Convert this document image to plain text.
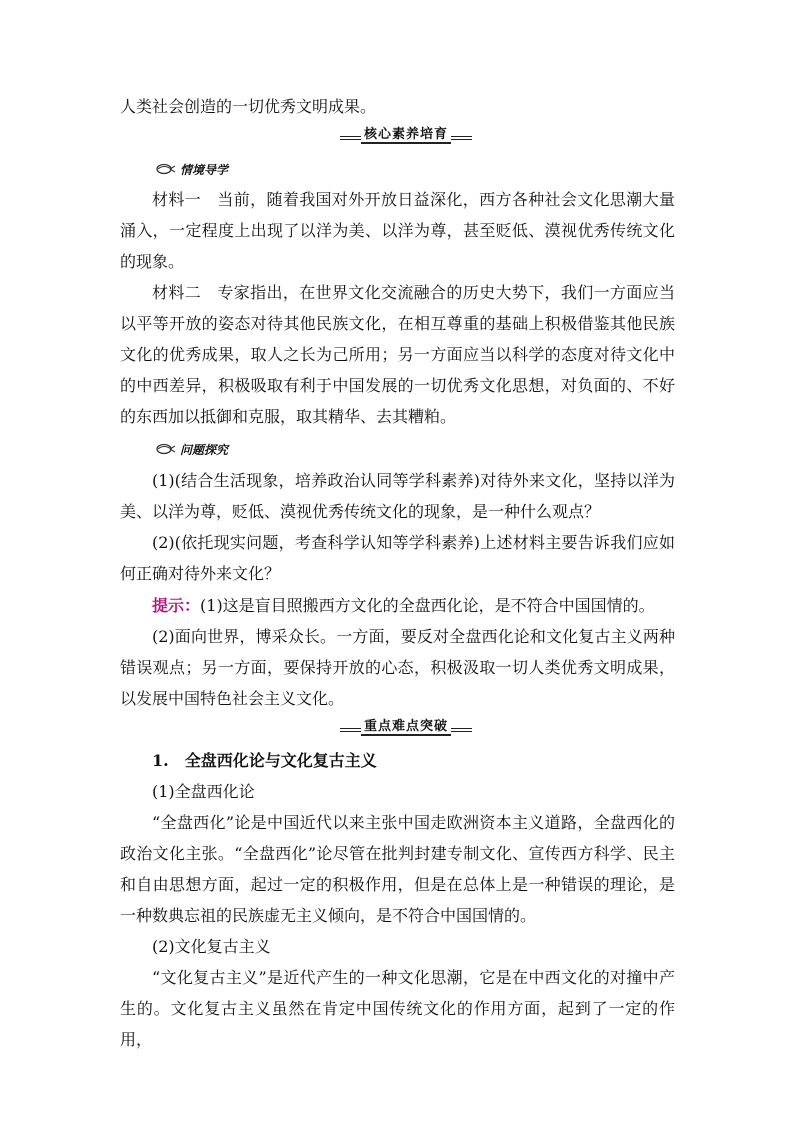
人类社会创造的一切优秀文明成果。

核心素养培育
情境导学

材料一　当前，随着我国对外开放日益深化，西方各种社会文化思潮大量涌入，一定程度上出现了以洋为美、以洋为尊，甚至贬低、漠视优秀传统文化的现象。

材料二　专家指出，在世界文化交流融合的历史大势下，我们一方面应当以平等开放的姿态对待其他民族文化，在相互尊重的基础上积极借鉴其他民族文化的优秀成果，取人之长为己所用；另一方面应当以科学的态度对待文化中的中西差异，积极吸取有利于中国发展的一切优秀文化思想，对负面的、不好的东西加以抵御和克服，取其精华、去其糟粕。

问题探究

(1)(结合生活现象，培养政治认同等学科素养)对待外来文化，坚持以洋为美、以洋为尊，贬低、漠视优秀传统文化的现象，是一种什么观点？

(2)(依托现实问题，考查科学认知等学科素养)上述材料主要告诉我们应如何正确对待外来文化？

提示：(1)这是盲目照搬西方文化的全盘西化论，是不符合中国国情的。

(2)面向世界，博采众长。一方面，要反对全盘西化论和文化复古主义两种错误观点；另一方面，要保持开放的心态，积极汲取一切人类优秀文明成果，以发展中国特色社会主义文化。

重点难点突破

1.　全盘西化论与文化复古主义

(1)全盘西化论

“全盘西化”论是中国近代以来主张中国走欧洲资本主义道路，全盘西化的政治文化主张。“全盘西化”论尽管在批判封建专制文化、宣传西方科学、民主和自由思想方面，起过一定的积极作用，但是在总体上是一种错误的理论，是一种数典忘祖的民族虚无主义倾向，是不符合中国国情的。

(2)文化复古主义

“文化复古主义”是近代产生的一种文化思潮，它是在中西文化的对撞中产生的。文化复古主义虽然在肯定中国传统文化的作用方面，起到了一定的作用，
